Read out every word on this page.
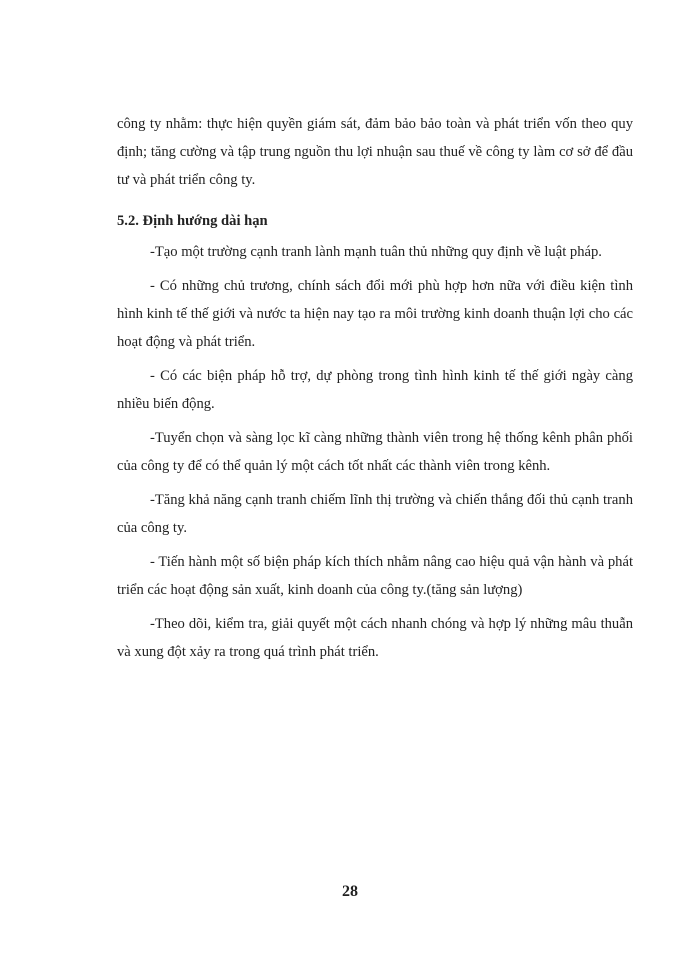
công ty nhằm: thực hiện quyền giám sát, đảm bảo bảo toàn và phát triển vốn theo quy định; tăng cường và tập trung nguồn thu lợi nhuận sau thuế về công ty làm cơ sở để đầu tư và phát triển công ty.

5.2. Định hướng dài hạn

-Tạo một trường cạnh tranh lành mạnh tuân thủ những quy định về luật pháp.

- Có những chủ trương, chính sách đổi mới phù hợp hơn nữa với điều kiện tình hình kinh tế thế giới và nước ta hiện nay tạo ra môi trường kinh doanh thuận lợi cho các hoạt động và phát triển.

- Có các biện pháp hỗ trợ, dự phòng trong tình hình kinh tế thế giới ngày càng nhiều biến động.

-Tuyển chọn và sàng lọc kĩ càng những thành viên trong hệ thống kênh phân phối của công ty để có thể quản lý một cách tốt nhất các thành viên trong kênh.

-Tăng khả năng cạnh tranh chiếm lĩnh thị trường và chiến thắng đối thủ cạnh tranh của công ty.

- Tiến hành một số biện pháp kích thích nhằm nâng cao hiệu quả vận hành và phát triển các hoạt động sản xuất, kinh doanh của công ty.(tăng sản lượng)

-Theo dõi, kiểm tra, giải quyết một cách nhanh chóng và hợp lý những mâu thuẫn và xung đột xảy ra trong quá trình phát triển.

28
